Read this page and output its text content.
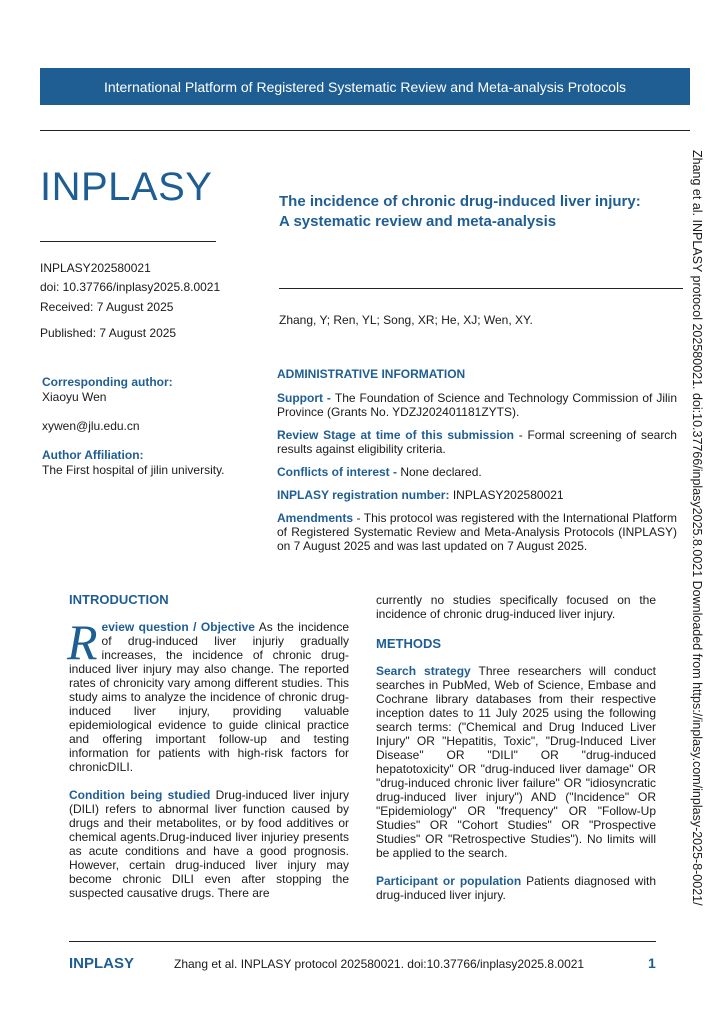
International Platform of Registered Systematic Review and Meta-analysis Protocols
INPLASY	The incidence of chronic drug-induced liver injury:
A systematic review and meta-analysis
INPLASY202580021
doi: 10.37766/inplasy2025.8.0021
Received: 7 August 2025
Published: 7 August 2025
Zhang, Y; Ren, YL; Song, XR; He, XJ; Wen, XY.
Corresponding author:
Xiaoyu Wen
xywen@jlu.edu.cn
Author Affiliation:
The First hospital of jilin university.
ADMINISTRATIVE INFORMATION

Support - The Foundation of Science and Technology Commission of Jilin Province (Grants No. YDZJ202401181ZYTS).

Review Stage at time of this submission - Formal screening of search results against eligibility criteria.

Conflicts of interest - None declared.

INPLASY registration number: INPLASY202580021

Amendments - This protocol was registered with the International Platform of Registered Systematic Review and Meta-Analysis Protocols (INPLASY) on 7 August 2025 and was last updated on 7 August 2025.

INTRODUCTION

Review question / Objective As the incidence of drug-induced liver injuriy gradually increases, the incidence of chronic drug-induced liver injury may also change. The reported rates of chronicity vary among different studies. This study aims to analyze the incidence of chronic drug-induced liver injury, providing valuable epidemiological evidence to guide clinical practice and offering important follow-up and testing information for patients with high-risk factors for chronicDILI.

Condition being studied Drug-induced liver injury (DILI) refers to abnormal liver function caused by drugs and their metabolites, or by food additives or chemical agents.Drug-induced liver injuriey presents as acute conditions and have a good prognosis. However, certain drug-induced liver injury may become chronic DILI even after stopping the suspected causative drugs. There are

currently no studies specifically focused on the incidence of chronic drug-induced liver injury.

METHODS

Search strategy Three researchers will conduct searches in PubMed, Web of Science, Embase and Cochrane library databases from their respective inception dates to 11 July 2025 using the following search terms: ("Chemical and Drug Induced Liver Injury" OR "Hepatitis, Toxic", "Drug-Induced Liver Disease" OR "DILI" OR "drug-induced hepatotoxicity" OR "drug-induced liver damage" OR "drug-induced chronic liver failure" OR "idiosyncratic drug-induced liver injury") AND ("Incidence" OR "Epidemiology" OR "frequency" OR "Follow-Up Studies" OR "Cohort Studies" OR "Prospective Studies" OR "Retrospective Studies"). No limits will be applied to the search.

Participant or population Patients diagnosed with drug-induced liver injury.

INPLASY	Zhang et al. INPLASY protocol 202580021. doi:10.37766/inplasy2025.8.0021	1
Zhang et al. INPLASY protocol 202580021. doi:10.37766/inplasy2025.8.0021 Downloaded from https://inplasy.com/inplasy-2025-8-0021/
